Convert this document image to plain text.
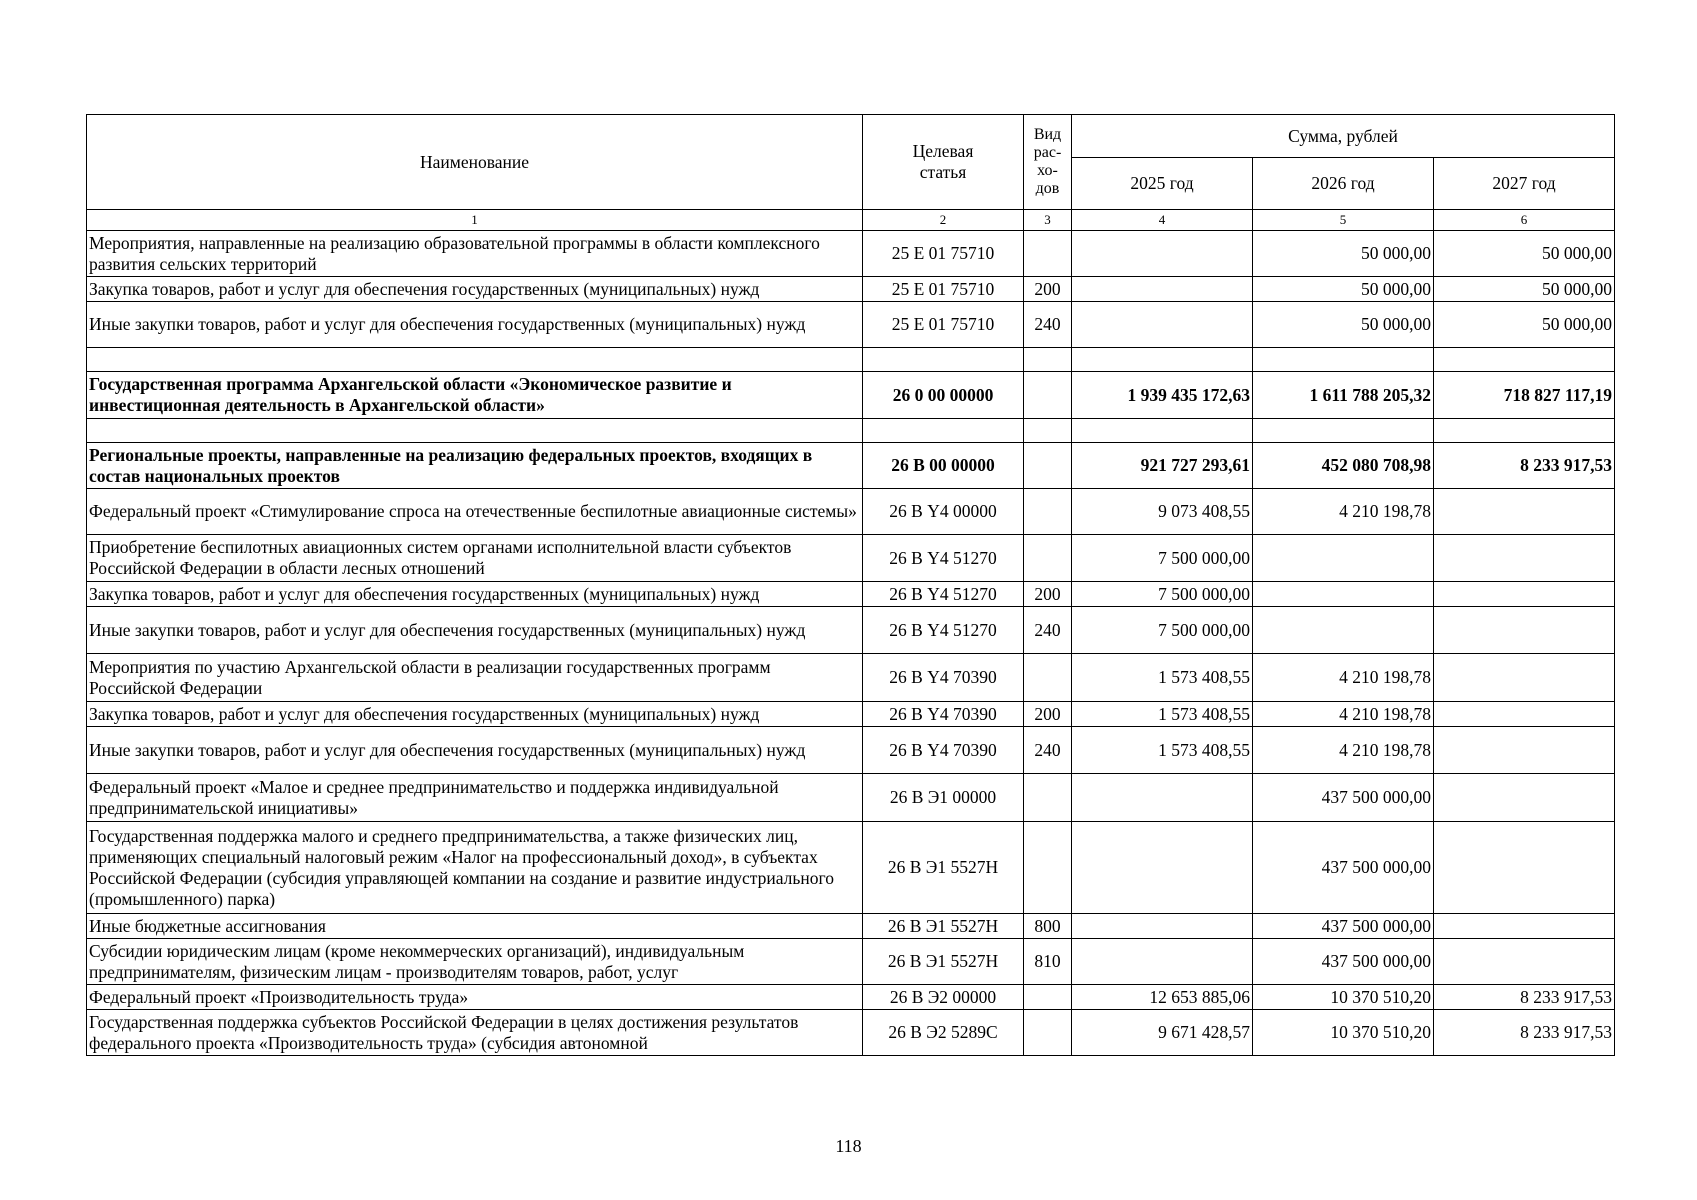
Наименование	Целевая статья	Вид
рас-
хо-
дов	Сумма, рублей		
			2025 год	2026 год	2027 год
1	2	3	4	5	6
Мероприятия, направленные на реализацию образовательной программы в области комплексного развития сельских территорий	25 Е 01 75710			50 000,00	50 000,00
Закупка товаров, работ и услуг для обеспечения государственных (муниципальных) нужд	25 Е 01 75710	200		50 000,00	50 000,00
Иные закупки товаров, работ и услуг для обеспечения государственных (муниципальных) нужд	25 Е 01 75710	240		50 000,00	50 000,00

Государственная программа Архангельской области «Экономическое развитие и инвестиционная деятельность в Архангельской области»	26 0 00 00000		1 939 435 172,63	1 611 788 205,32	718 827 117,19

Региональные проекты, направленные на реализацию федеральных проектов, входящих в состав национальных проектов	26 В 00 00000		921 727 293,61	452 080 708,98	8 233 917,53
Федеральный проект «Стимулирование спроса на отечественные беспилотные авиационные системы»	26 В Y4 00000		9 073 408,55	4 210 198,78	
Приобретение беспилотных авиационных систем органами исполнительной власти субъектов Российской Федерации в области лесных отношений	26 В Y4 51270		7 500 000,00		
Закупка товаров, работ и услуг для обеспечения государственных (муниципальных) нужд	26 В Y4 51270	200	7 500 000,00		
Иные закупки товаров, работ и услуг для обеспечения государственных (муниципальных) нужд	26 В Y4 51270	240	7 500 000,00		
Мероприятия по участию Архангельской области в реализации государственных программ Российской Федерации	26 В Y4 70390		1 573 408,55	4 210 198,78	
Закупка товаров, работ и услуг для обеспечения государственных (муниципальных) нужд	26 В Y4 70390	200	1 573 408,55	4 210 198,78	
Иные закупки товаров, работ и услуг для обеспечения государственных (муниципальных) нужд	26 В Y4 70390	240	1 573 408,55	4 210 198,78	
Федеральный проект «Малое и среднее предпринимательство и поддержка индивидуальной предпринимательской инициативы»	26 В Э1 00000			437 500 000,00	
Государственная поддержка малого и среднего предпринимательства, а также физических лиц, применяющих специальный налоговый режим «Налог на профессиональный доход», в субъектах Российской Федерации (субсидия управляющей компании на создание и развитие индустриального (промышленного) парка)	26 В Э1 5527Н			437 500 000,00	
Иные бюджетные ассигнования	26 В Э1 5527Н	800		437 500 000,00	
Субсидии юридическим лицам (кроме некоммерческих организаций), индивидуальным предпринимателям, физическим лицам - производителям товаров, работ, услуг	26 В Э1 5527Н	810		437 500 000,00	
Федеральный проект «Производительность труда»	26 В Э2 00000		12 653 885,06	10 370 510,20	8 233 917,53
Государственная поддержка субъектов Российской Федерации в целях достижения результатов федерального проекта «Производительность труда» (субсидия автономной	26 В Э2 5289С		9 671 428,57	10 370 510,20	8 233 917,53
118
